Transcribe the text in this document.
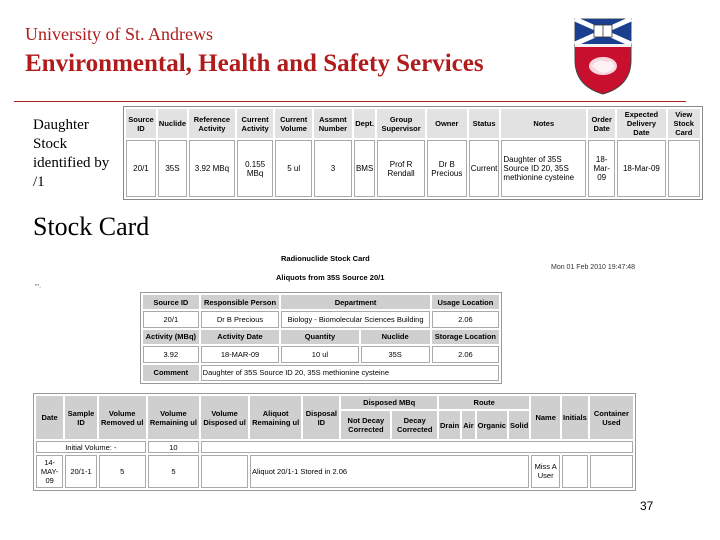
University of St. Andrews
Environmental, Health and Safety Services
Daughter Stock identified by /1
Source ID	Nuclide	Reference Activity	Current Activity	Current Volume	Assmnt Number	Dept.	Group Supervisor	Owner	Status	Notes	Order Date	Expected Delivery Date	View Stock Card
20/1	35S	3.92 MBq	0.155 MBq	5 ul	3	BMS	Prof R Rendall	Dr B Precious	Current	Daughter of 35S Source ID 20, 35S methionine cysteine	18-Mar-09	18-Mar-09	
Stock Card
Radionuclide Stock Card
Mon 01 Feb 2010 19:47:48
Aliquots from 35S Source 20/1
"’·
Source ID	Responsible Person	Department		Usage Location
20/1	Dr B Precious	Biology - Biomolecular Sciences Building		2.06
Activity (MBq)	Activity Date	Quantity	Nuclide	Storage Location
3.92	18-MAR-09	10 ul	35S	2.06
Comment	Daughter of 35S Source ID 20, 35S methionine cysteine			
Date	Sample ID	Volume Removed ul	Volume Remaining ul	Volume Disposed ul	Aliquot Remaining ul	Disposal ID	Disposed MBq		Route				Name	Initials	Container Used
							Not Decay Corrected	Decay Corrected	Drain	Air	Organic	Solid			
Initial Volume: -			10												
14-MAY-09	20/1-1	5	5		Aliquot 20/1-1 Stored in 2.06								Miss A User		
37
